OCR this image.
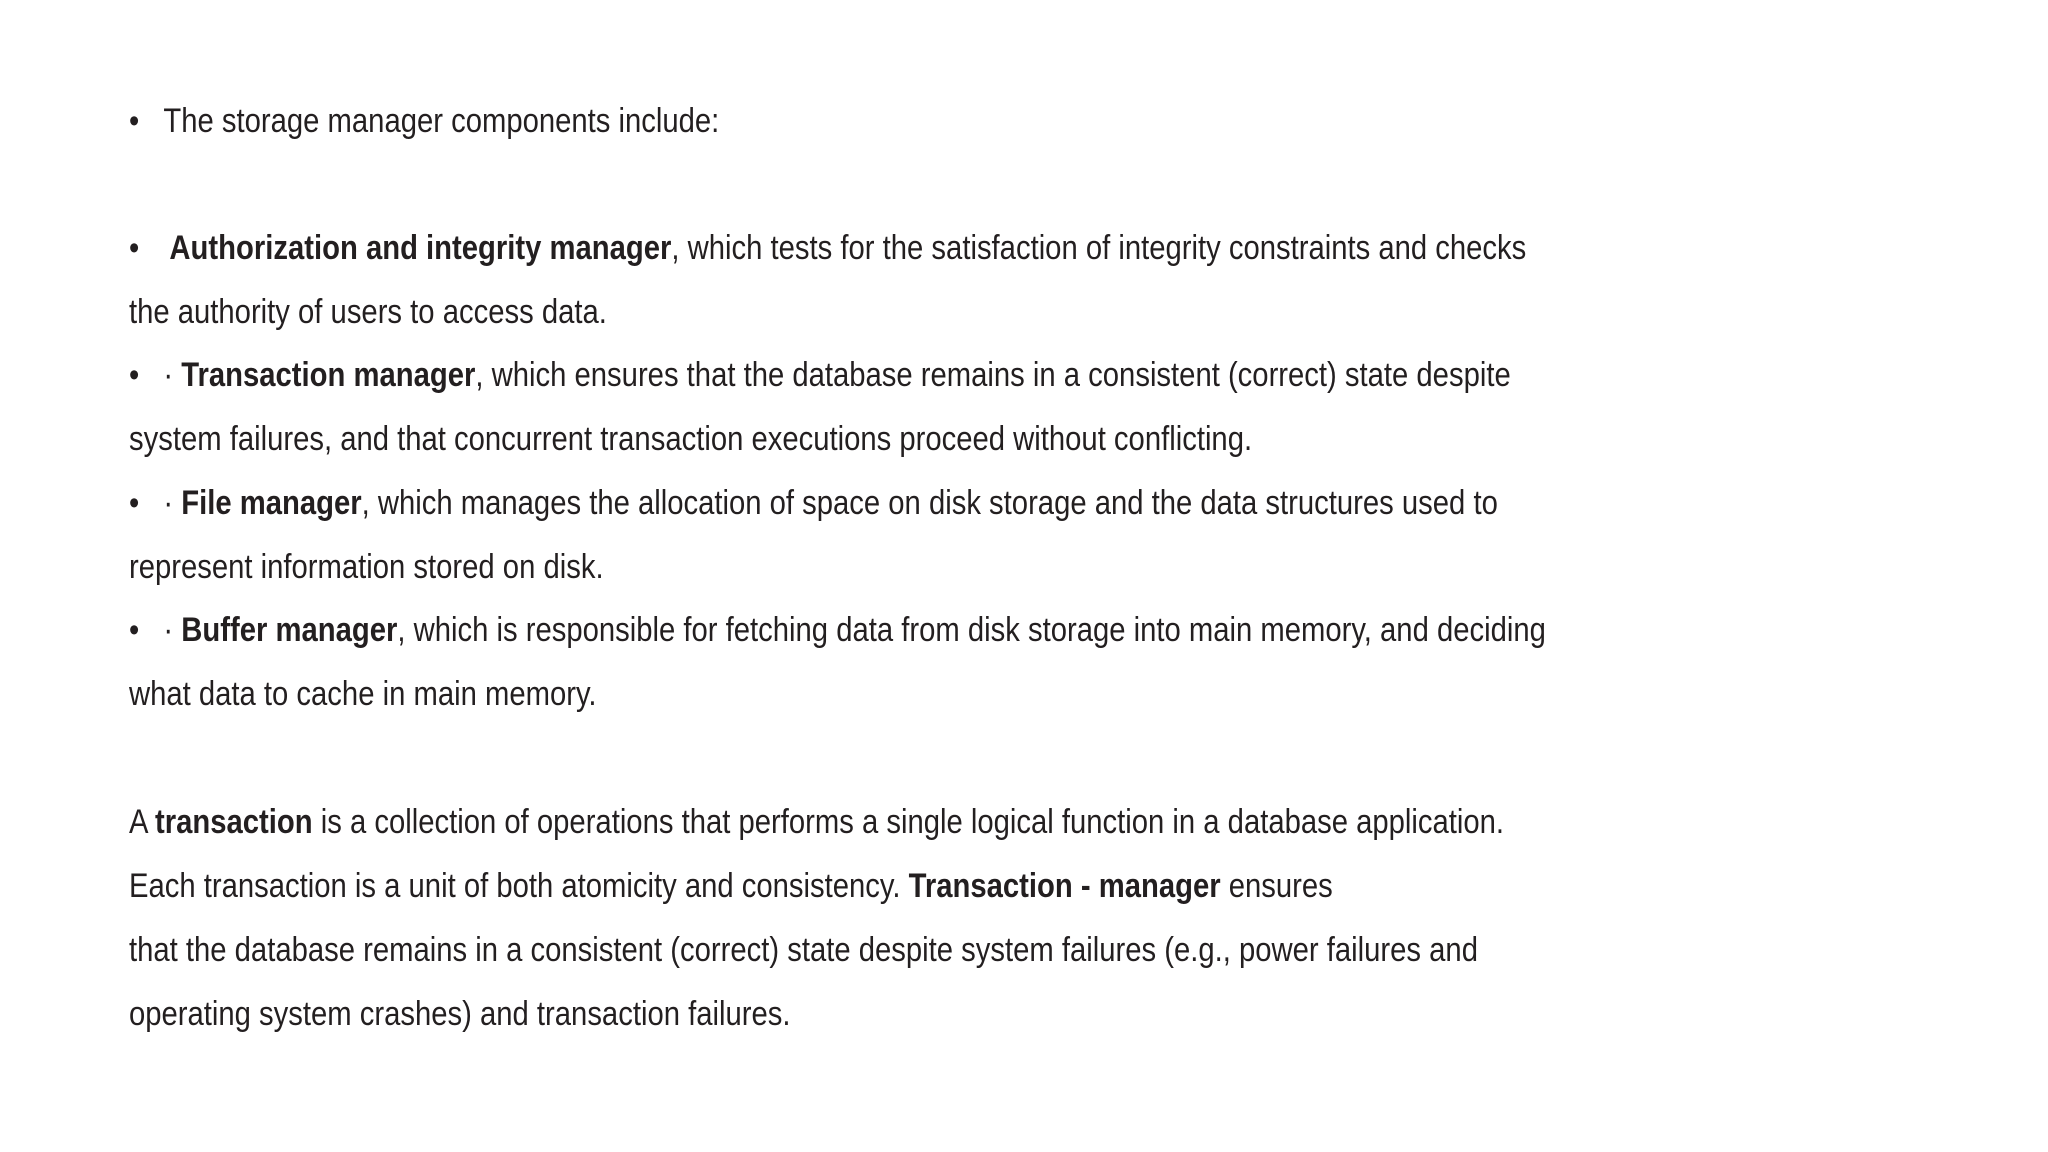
• The storage manager components include:
• Authorization and integrity manager, which tests for the satisfaction of integrity constraints and checks
the authority of users to access data.
• · Transaction manager, which ensures that the database remains in a consistent (correct) state despite
system failures, and that concurrent transaction executions proceed without conflicting.
• · File manager, which manages the allocation of space on disk storage and the data structures used to
represent information stored on disk.
• · Buffer manager, which is responsible for fetching data from disk storage into main memory, and deciding
what data to cache in main memory.
A transaction is a collection of operations that performs a single logical function in a database application.
Each transaction is a unit of both atomicity and consistency. Transaction - manager ensures
that the database remains in a consistent (correct) state despite system failures (e.g., power failures and
operating system crashes) and transaction failures.
